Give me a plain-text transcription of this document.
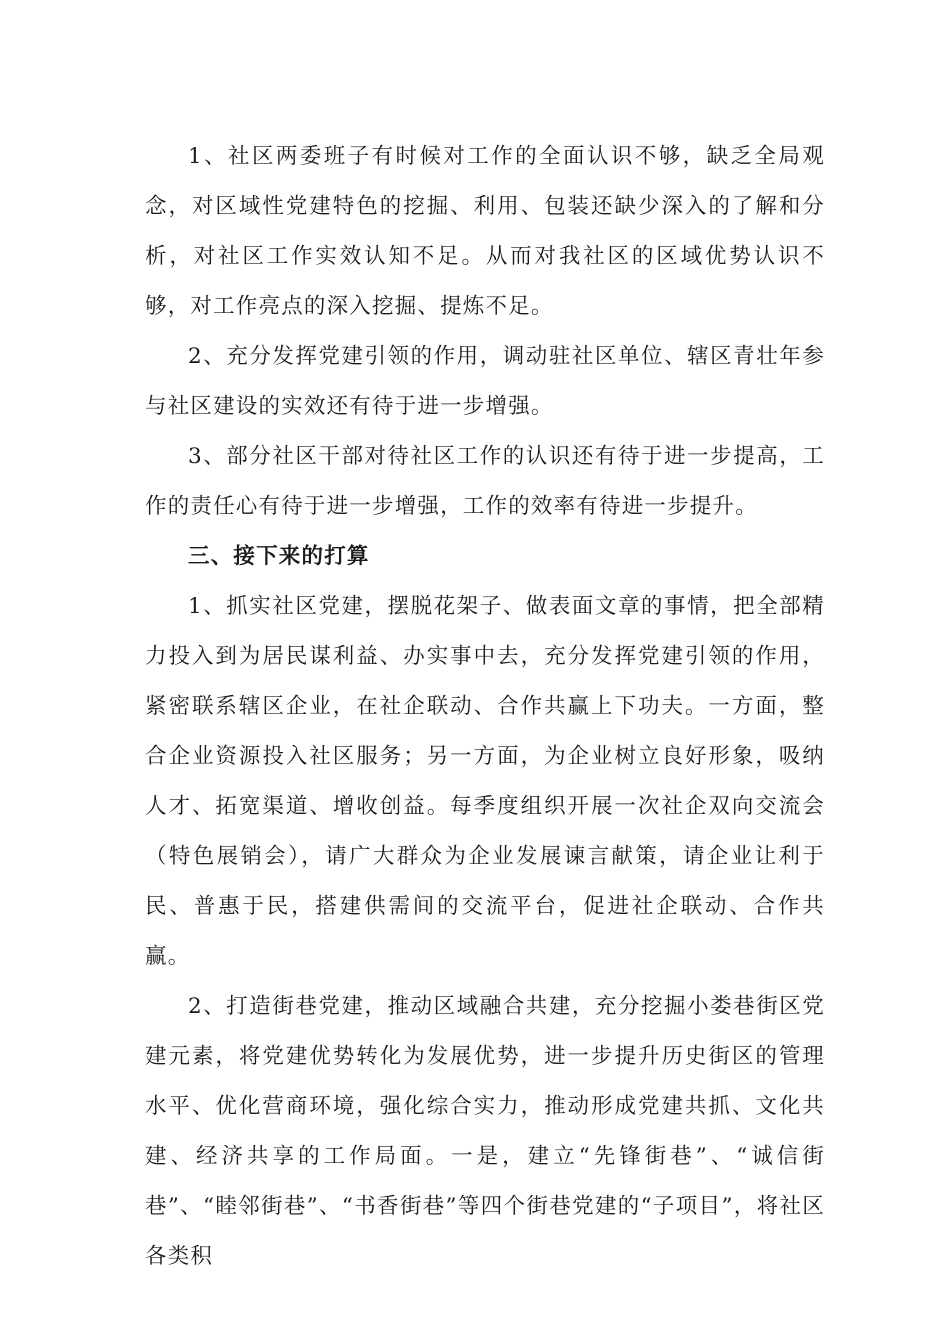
1、社区两委班子有时候对工作的全面认识不够，缺乏全局观念，对区域性党建特色的挖掘、利用、包装还缺少深入的了解和分析，对社区工作实效认知不足。从而对我社区的区域优势认识不够，对工作亮点的深入挖掘、提炼不足。

2、充分发挥党建引领的作用，调动驻社区单位、辖区青壮年参与社区建设的实效还有待于进一步增强。

3、部分社区干部对待社区工作的认识还有待于进一步提高，工作的责任心有待于进一步增强，工作的效率有待进一步提升。

三、接下来的打算

1、抓实社区党建，摆脱花架子、做表面文章的事情，把全部精力投入到为居民谋利益、办实事中去，充分发挥党建引领的作用，紧密联系辖区企业，在社企联动、合作共赢上下功夫。一方面，整合企业资源投入社区服务；另一方面，为企业树立良好形象，吸纳人才、拓宽渠道、增收创益。每季度组织开展一次社企双向交流会（特色展销会），请广大群众为企业发展谏言献策，请企业让利于民、普惠于民，搭建供需间的交流平台，促进社企联动、合作共赢。

2、打造街巷党建，推动区域融合共建，充分挖掘小娄巷街区党建元素，将党建优势转化为发展优势，进一步提升历史街区的管理水平、优化营商环境，强化综合实力，推动形成党建共抓、文化共建、经济共享的工作局面。一是，建立“先锋街巷”、“诚信街巷”、“睦邻街巷”、“书香街巷”等四个街巷党建的“子项目”，将社区各类积
